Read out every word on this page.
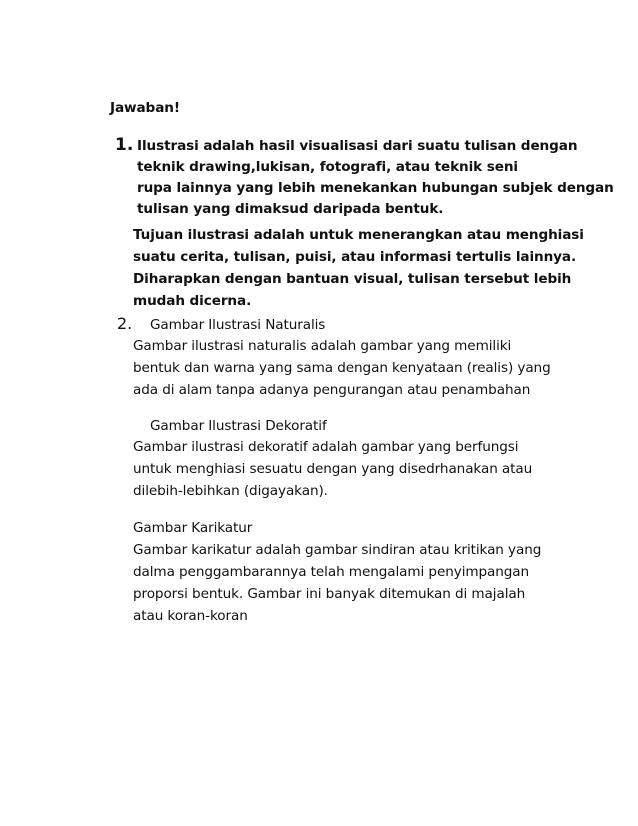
Jawaban!
1. Ilustrasi adalah hasil visualisasi dari suatu tulisan dengan
teknik drawing,lukisan, fotografi, atau teknik seni
rupa lainnya yang lebih menekankan hubungan subjek dengan
tulisan yang dimaksud daripada bentuk.
Tujuan ilustrasi adalah untuk menerangkan atau menghiasi
suatu cerita, tulisan, puisi, atau informasi tertulis lainnya.
Diharapkan dengan bantuan visual, tulisan tersebut lebih
mudah dicerna.
2. Gambar Ilustrasi Naturalis
Gambar ilustrasi naturalis adalah gambar yang memiliki
bentuk dan warna yang sama dengan kenyataan (realis) yang
ada di alam tanpa adanya pengurangan atau penambahan
Gambar Ilustrasi Dekoratif
Gambar ilustrasi dekoratif adalah gambar yang berfungsi
untuk menghiasi sesuatu dengan yang disedrhanakan atau
dilebih-lebihkan (digayakan).
Gambar Karikatur
Gambar karikatur adalah gambar sindiran atau kritikan yang
dalma penggambarannya telah mengalami penyimpangan
proporsi bentuk. Gambar ini banyak ditemukan di majalah
atau koran-koran
